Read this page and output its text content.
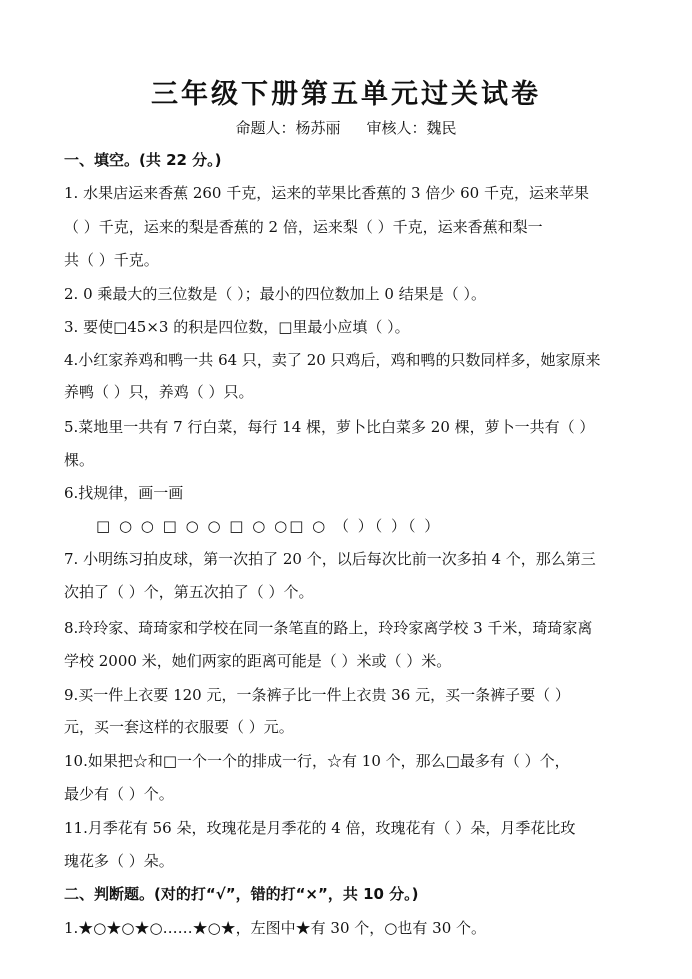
三年级下册第五单元过关试卷
命题人：杨苏丽 审核人：魏民
一、填空。(共 22 分。)
1. 水果店运来香蕉 260 千克，运来的苹果比香蕉的 3 倍少 60 千克，运来苹果
（ ）千克，运来的梨是香蕉的 2 倍，运来梨（ ）千克，运来香蕉和梨一
共（ ）千克。
2. 0 乘最大的三位数是（ ）；最小的四位数加上 0 结果是（ ）。
3. 要使□45×3 的积是四位数，□里最小应填（ ）。
4.小红家养鸡和鸭一共 64 只，卖了 20 只鸡后，鸡和鸭的只数同样多，她家原来
养鸭（ ）只，养鸡（ ）只。
5.菜地里一共有 7 行白菜，每行 14 棵，萝卜比白菜多 20 棵，萝卜一共有（ ）
棵。
6.找规律，画一画
□ ○ ○ □ ○ ○ □ ○ ○□ ○ （ ）（ ）（ ）
7. 小明练习拍皮球，第一次拍了 20 个，以后每次比前一次多拍 4 个，那么第三
次拍了（ ）个，第五次拍了（ ）个。
8.玲玲家、琦琦家和学校在同一条笔直的路上，玲玲家离学校 3 千米，琦琦家离
学校 2000 米，她们两家的距离可能是（ ）米或（ ）米。
9.买一件上衣要 120 元，一条裤子比一件上衣贵 36 元，买一条裤子要（ ）
元，买一套这样的衣服要（ ）元。
10.如果把☆和□一个一个的排成一行，☆有 10 个，那么□最多有（ ）个，
最少有（ ）个。
11.月季花有 56 朵，玫瑰花是月季花的 4 倍，玫瑰花有（ ）朵，月季花比玫
瑰花多（ ）朵。
二、判断题。(对的打“√”，错的打“×”，共 10 分。)
1.★○★○★○……★○★，左图中★有 30 个，○也有 30 个。
